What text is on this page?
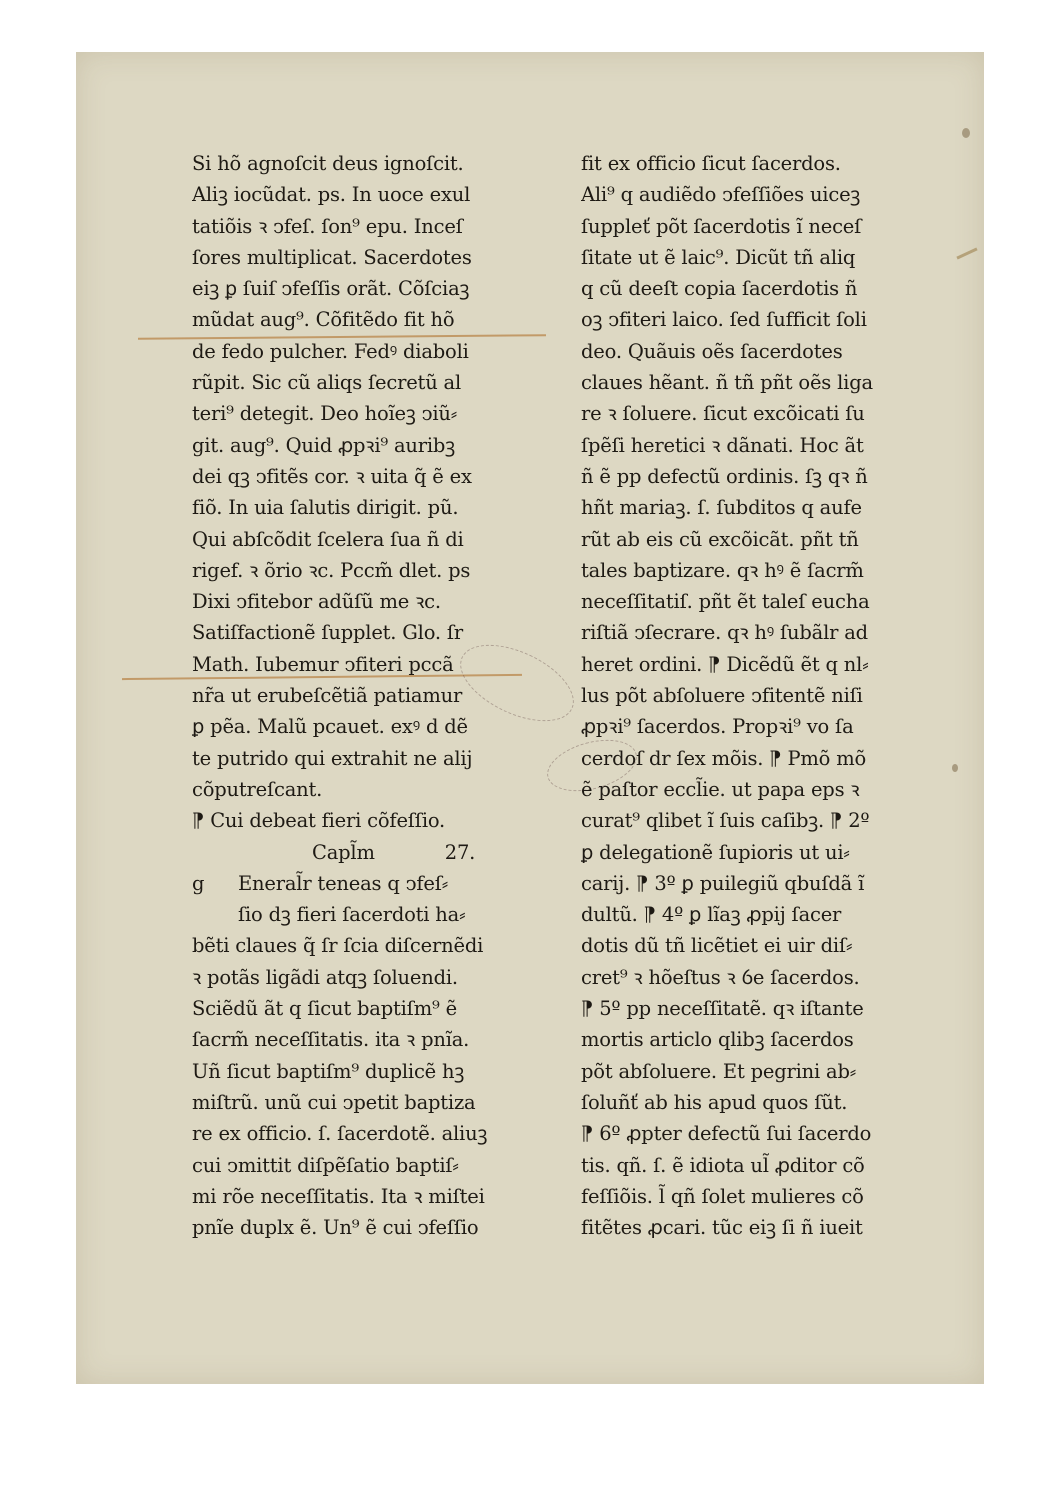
Si hõ agnoſcit deus ignoſcit.
Aliꝫ iocũdat. ps. In uoce exul
tatiõis ꝛ ↄfeſ. ſon⁹ epu. Inceſ
ſores multiplicat. Sacerdotes
eiꝫ ꝑ ſuiſ ↄfeſſis orãt. Cõſciaꝫ
mũdat aug⁹. Cõfitẽdo fit hõ
de fedo pulcher. Fedꝰ diaboli
rũpit. Sic cũ aliqs ſecretũ al
teri⁹ detegit. Deo hoĩeꝫ ↄiũ⸗
git. aug⁹. Quid ꝓpꝛi⁹ auribꝫ
dei qꝫ ↄfitẽs cor. ꝛ uita q̃ ẽ ex
fiõ. In uia ſalutis dirigit. pũ.
Qui abſcõdit ſcelera ſua ñ di
rigef. ꝛ õrio ꝛc. Pccm̃ dlet. ps
Dixi ↄfitebor adũſũ me ꝛc.
Satiſfactionẽ ſupplet. Glo. ſr
Math. Iubemur ↄfiteri pccã
nr̃a ut erubeſcẽtiã patiamur
ꝑ pẽa. Malũ pcauet. exꝰ d dẽ
te putrido qui extrahit ne alij
cõputreſcant.
⁋ Cui debeat fieri cõfeſſio.
Capl̃m	27.
g Eneral̃r teneas q ↄfeſ⸗
ſio dꝫ fieri ſacerdoti ha⸗
bẽti claues q̃ ſr ſcia diſcernẽdi
ꝛ potãs ligãdi atqꝫ ſoluendi.
Sciẽdũ ãt q ſicut baptiſm⁹ ẽ
ſacrm̃ neceſſitatis. ita ꝛ pnĩa.
Uñ ſicut baptiſm⁹ duplicẽ hꝫ
miſtrũ. unũ cui ↄpetit baptiza
re ex officio. ſ. ſacerdotẽ. aliuꝫ
cui ↄmittit diſpẽſatio baptiſ⸗
mi rõe neceſſitatis. Ita ꝛ miſtei
pnĩe duplx ẽ. Un⁹ ẽ cui ↄfeſſio
fit ex officio ſicut ſacerdos.
Ali⁹ q audiẽdo ↄfeſſiões uiceꝫ
ſuppleť põt ſacerdotis ĩ neceſ
ſitate ut ẽ laic⁹. Dicũt tñ aliq
q cũ deeſt copia ſacerdotis ñ
oꝫ ↄfiteri laico. ſed ſufficit ſoli
deo. Quãuis oẽs ſacerdotes
claues hẽant. ñ tñ pñt oẽs liga
re ꝛ ſoluere. ſicut excõicati ſu
ſpẽſi heretici ꝛ dãnati. Hoc ãt
ñ ẽ pp defectũ ordinis. ſꝫ qꝛ ñ
hñt mariaꝫ. ſ. ſubditos q aufe
rũt ab eis cũ excõicãt. pñt tñ
tales baptizare. qꝛ hꝰ ẽ ſacrm̃
neceſſitatiſ. pñt ẽt taleſ eucha
riſtiã ↄſecrare. qꝛ hꝰ ſubãlr ad
heret ordini. ⁋ Dicẽdũ ẽt q nl⸗
lus põt abſoluere ↄfitentẽ niſi
ꝓpꝛi⁹ ſacerdos. Propꝛi⁹ vo ſa
cerdoſ dr ſex mõis. ⁋ Pmõ mõ
ẽ paſtor eccl̃ie. ut papa eps ꝛ
curat⁹ qlibet ĩ ſuis caſibꝫ. ⁋ 2º
ꝑ delegationẽ ſupioris ut ui⸗
carij. ⁋ 3º ꝑ puilegiũ qbuſdã ĩ
dultũ. ⁋ 4º ꝑ lĩaꝫ ꝓpij ſacer
dotis dũ tñ licẽtiet ei uir diſ⸗
cret⁹ ꝛ hõeſtus ꝛ ỽe ſacerdos.
⁋ 5º pp neceſſitatẽ. qꝛ iſtante
mortis articlo qlibꝫ ſacerdos
põt abſoluere. Et pegrini ab⸗
ſoluñť ab his apud quos ſũt.
⁋ 6º ꝓpter defectũ ſui ſacerdo
tis. qñ. ſ. ẽ idiota ul̃ ꝓditor cõ
feſſiõis. l̃ qñ ſolet mulieres cõ
fitẽtes ꝓcari. tũc eiꝫ ſi ñ iueit
